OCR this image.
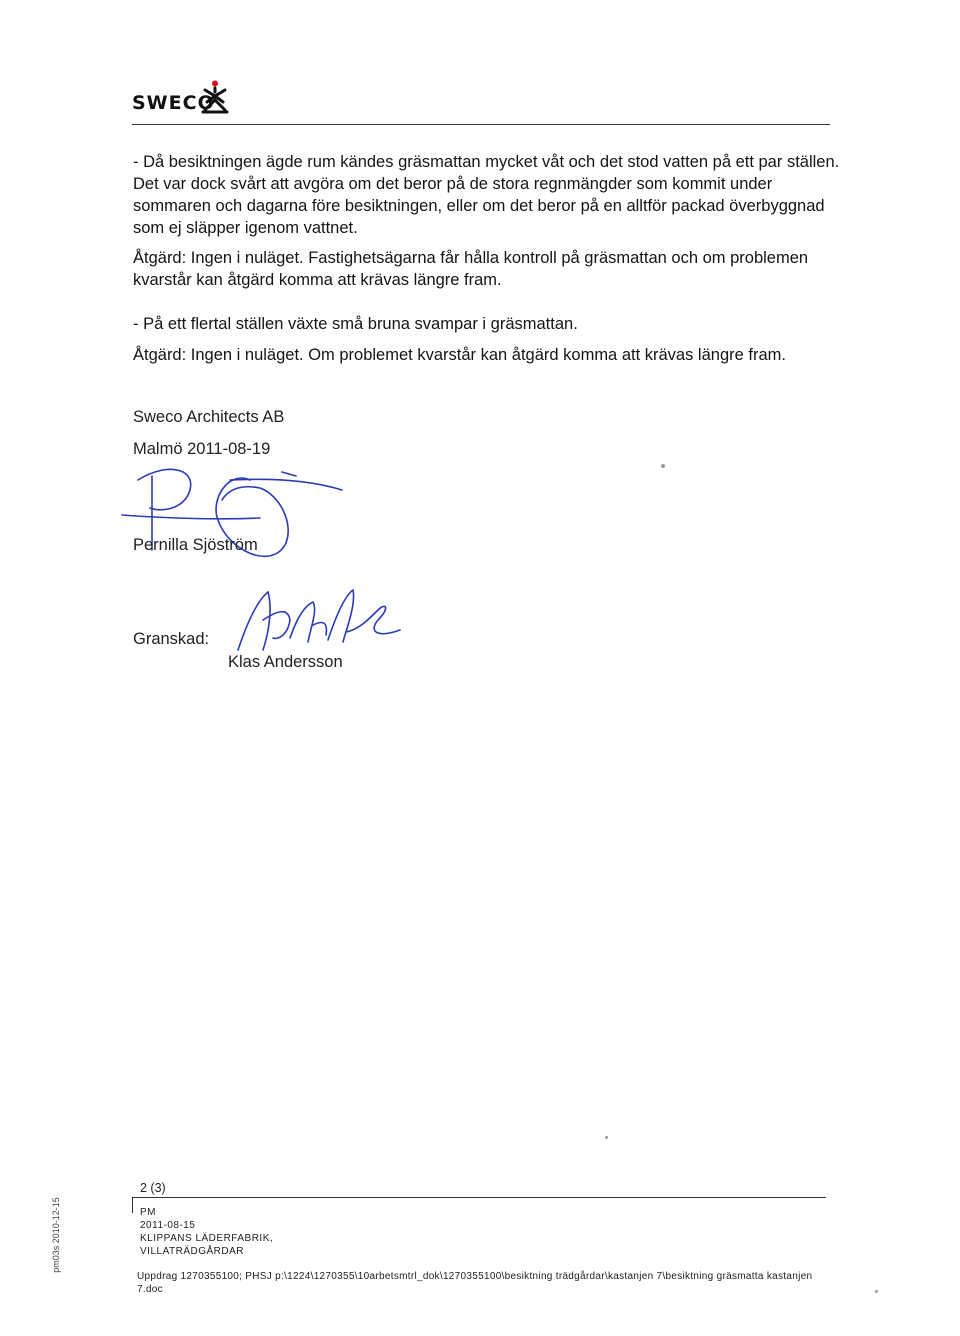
SWECO

- Då besiktningen ägde rum kändes gräsmattan mycket våt och det stod vatten på ett par ställen. Det var dock svårt att avgöra om det beror på de stora regnmängder som kommit under sommaren och dagarna före besiktningen, eller om det beror på en alltför packad överbyggnad som ej släpper igenom vattnet.

Åtgärd: Ingen i nuläget. Fastighetsägarna får hålla kontroll på gräsmattan och om problemen kvarstår kan åtgärd komma att krävas längre fram.

- På ett flertal ställen växte små bruna svampar i gräsmattan.

Åtgärd: Ingen i nuläget. Om problemet kvarstår kan åtgärd komma att krävas längre fram.

Sweco Architects AB
Malmö 2011-08-19
Pernilla Sjöström
Granskad:
Klas Andersson
2 (3)
PM
2011-08-15
KLIPPANS LÄDERFABRIK,
VILLATRÄDGÅRDAR
Uppdrag 1270355100; PHSJ p:\1224\1270355\10arbetsmtrl_dok\1270355100\besiktning trädgårdar\kastanjen 7\besiktning gräsmatta kastanjen 7.doc
pm03s 2010-12-15
